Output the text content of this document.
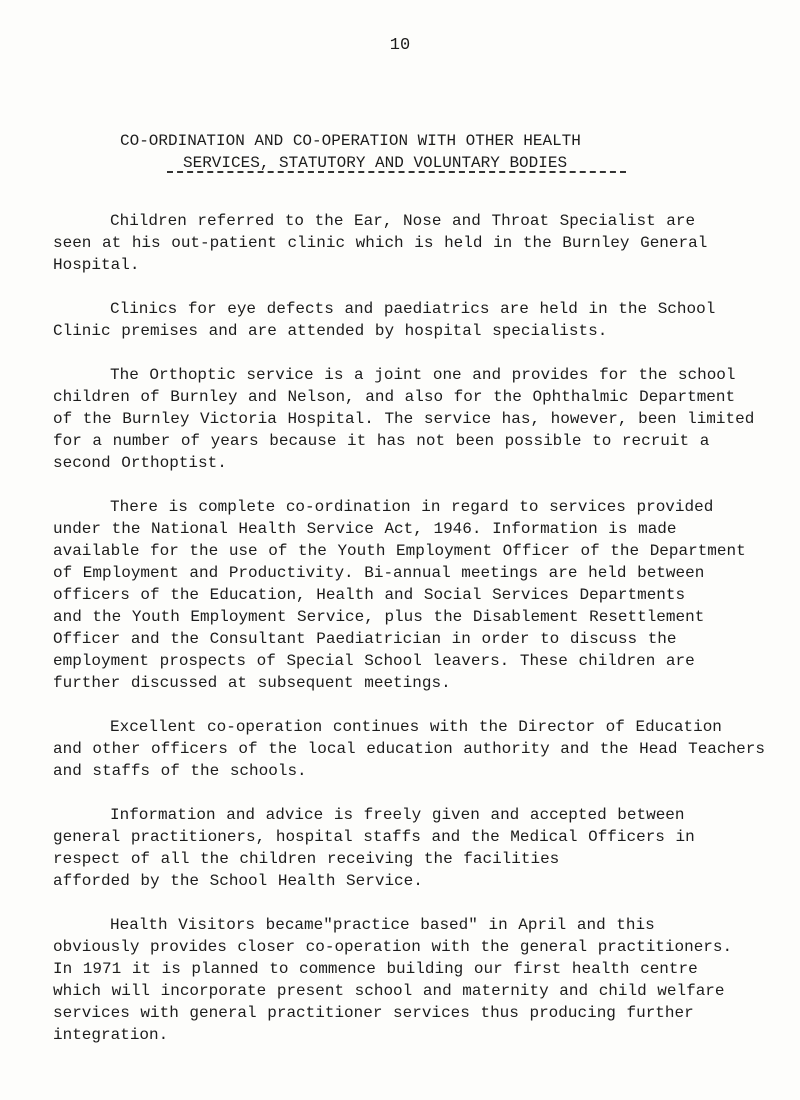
10
CO-ORDINATION AND CO-OPERATION WITH OTHER HEALTH
SERVICES, STATUTORY AND VOLUNTARY BODIES
Children referred to the Ear, Nose and Throat Specialist are
seen at his out-patient clinic which is held in the Burnley General
Hospital.
Clinics for eye defects and paediatrics are held in the School
Clinic premises and are attended by hospital specialists.
The Orthoptic service is a joint one and provides for the school
children of Burnley and Nelson, and also for the Ophthalmic Department
of the Burnley Victoria Hospital. The service has, however, been limited
for a number of years because it has not been possible to recruit a
second Orthoptist.
There is complete co-ordination in regard to services provided
under the National Health Service Act, 1946. Information is made
available for the use of the Youth Employment Officer of the Department
of Employment and Productivity. Bi-annual meetings are held between
officers of the Education, Health and Social Services Departments
and the Youth Employment Service, plus the Disablement Resettlement
Officer and the Consultant Paediatrician in order to discuss the
employment prospects of Special School leavers. These children are
further discussed at subsequent meetings.
Excellent co-operation continues with the Director of Education
and other officers of the local education authority and the Head Teachers
and staffs of the schools.
Information and advice is freely given and accepted between
general practitioners, hospital staffs and the Medical Officers in
respect of all the children receiving the facilities
afforded by the School Health Service.
Health Visitors became"practice based" in April and this
obviously provides closer co-operation with the general practitioners.
In 1971 it is planned to commence building our first health centre
which will incorporate present school and maternity and child welfare
services with general practitioner services thus producing further
integration.
